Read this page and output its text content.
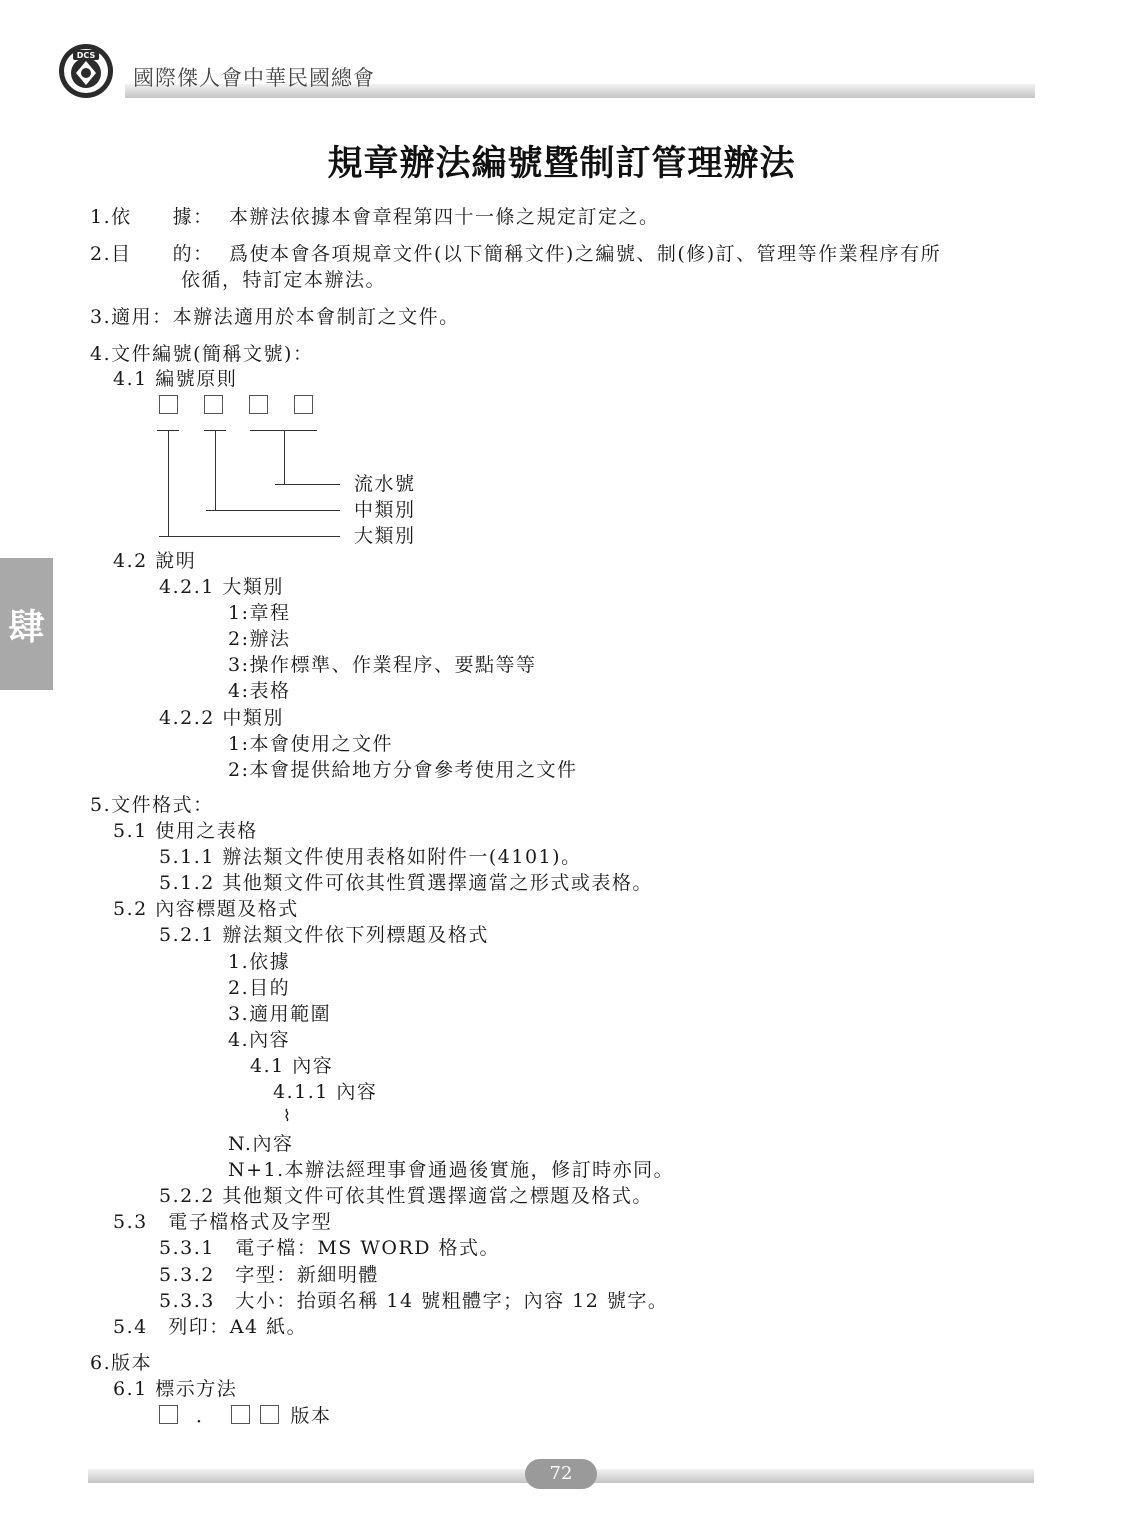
DCS
國際傑人會中華民國總會
規章辦法編號暨制訂管理辦法
肆
1.依　　據： 本辦法依據本會章程第四十一條之規定訂定之。
2.目　　的： 爲使本會各項規章文件(以下簡稱文件)之編號、制(修)訂、管理等作業程序有所
依循，特訂定本辦法。
3.適用：本辦法適用於本會制訂之文件。
4.文件編號(簡稱文號)：
4.1 編號原則
流水號
中類別
大類別
4.2 說明
4.2.1 大類別
1:章程
2:辦法
3:操作標準、作業程序、要點等等
4:表格
4.2.2 中類別
1:本會使用之文件
2:本會提供給地方分會參考使用之文件
5.文件格式：
5.1 使用之表格
5.1.1 辦法類文件使用表格如附件一(4101)。
5.1.2 其他類文件可依其性質選擇適當之形式或表格。
5.2 內容標題及格式
5.2.1 辦法類文件依下列標題及格式
1.依據
2.目的
3.適用範圍
4.內容
4.1 內容
4.1.1 內容
⌇
N.內容
N+1.本辦法經理事會通過後實施，修訂時亦同。
5.2.2 其他類文件可依其性質選擇適當之標題及格式。
5.3　電子檔格式及字型
5.3.1　電子檔：MS WORD 格式。
5.3.2　字型：新細明體
5.3.3　大小：抬頭名稱 14 號粗體字；內容 12 號字。
5.4　列印：A4 紙。
6.版本
6.1 標示方法
．	版本
72
